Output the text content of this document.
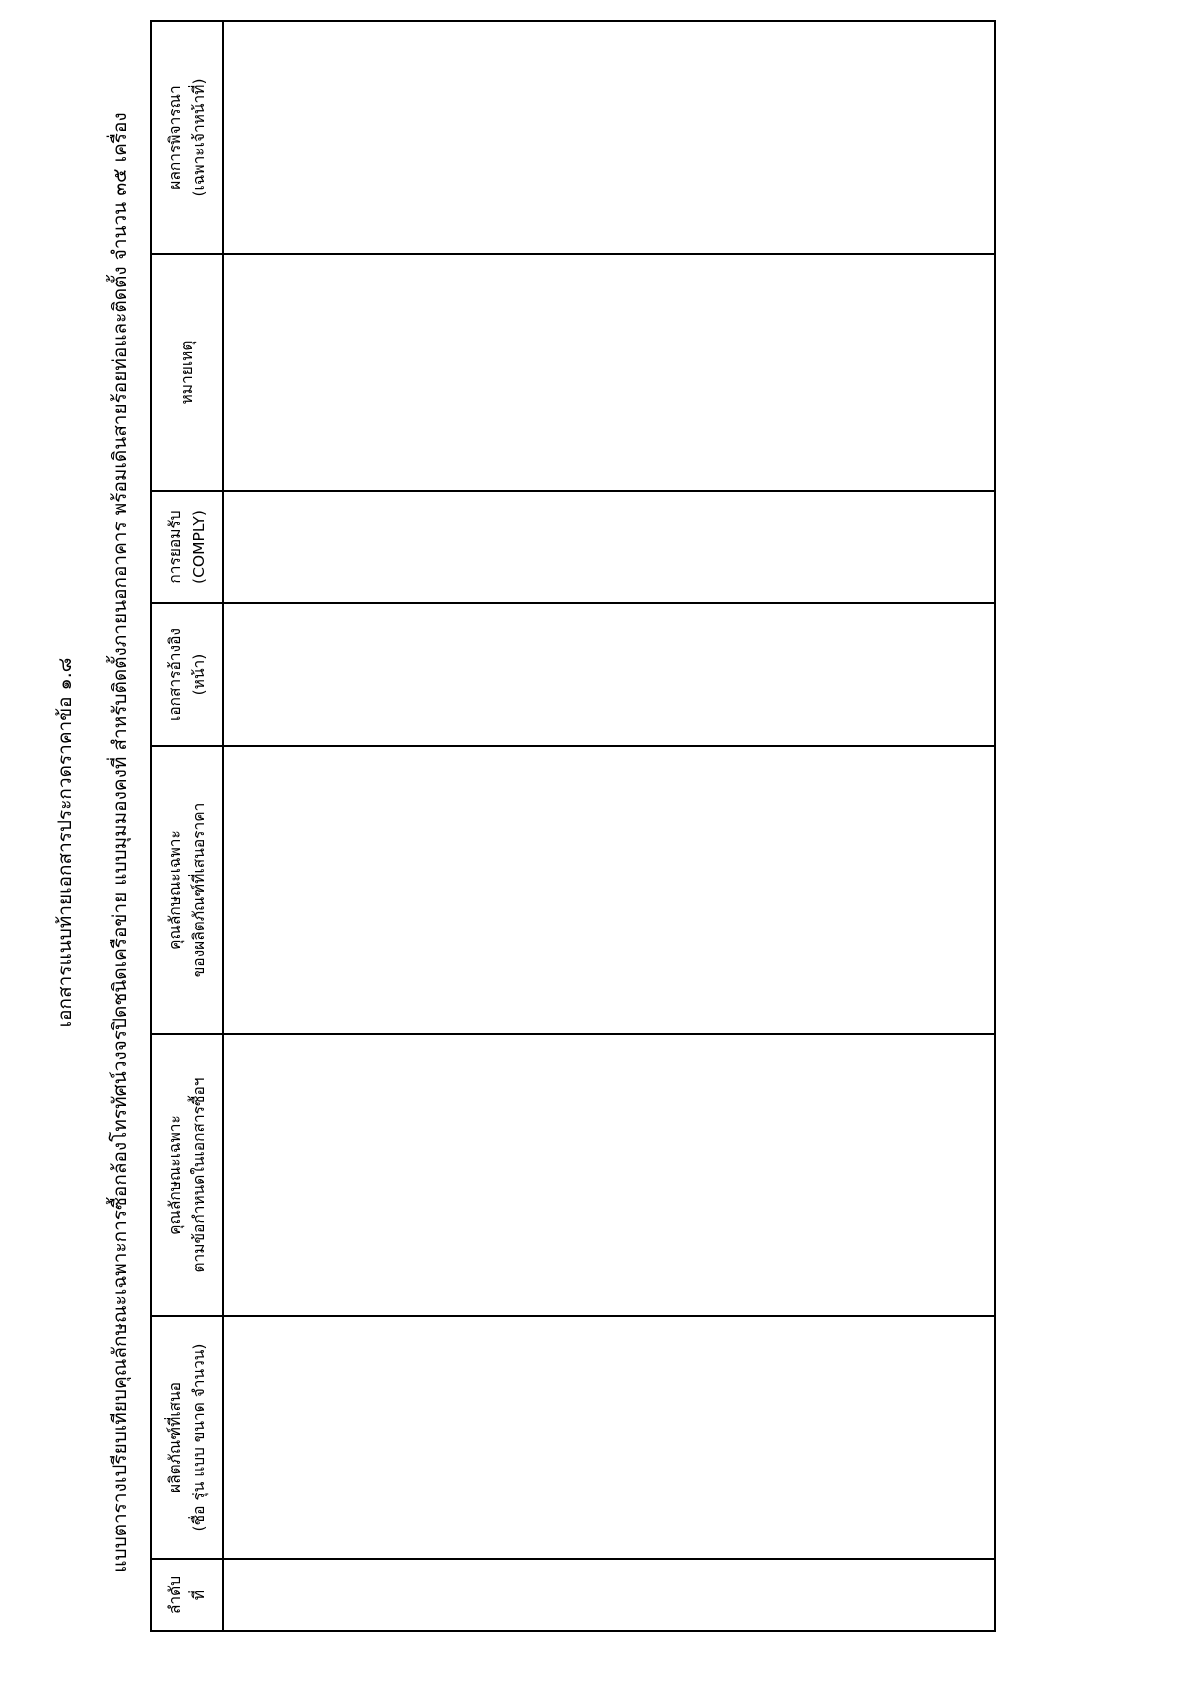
เอกสารแนบท้ายเอกสารประกวดราคาข้อ ๑.๘ แบบตารางเปรียบเทียบคุณลักษณะเฉพาะการซื้อกล้องโทรทัศน์วงจรปิดชนิดเครือข่าย แบบมุมมองคงที่ สำหรับติดตั้งภายนอกอาคาร พร้อมเดินสายร้อยท่อและติดตั้ง จำนวน ๓๕ เครื่อง
ลำดับ ที่	ผลิตภัณฑ์ที่เสนอ (ชื่อ รุ่น แบบ ขนาด จำนวน)	คุณลักษณะเฉพาะ ตามข้อกำหนดในเอกสารซื้อฯ	คุณลักษณะเฉพาะ ของผลิตภัณฑ์ที่เสนอราคา	เอกสารอ้างอิง (หน้า)	การยอมรับ (COMPLY)	หมายเหตุ	ผลการพิจารณา (เฉพาะเจ้าหน้าที่)
